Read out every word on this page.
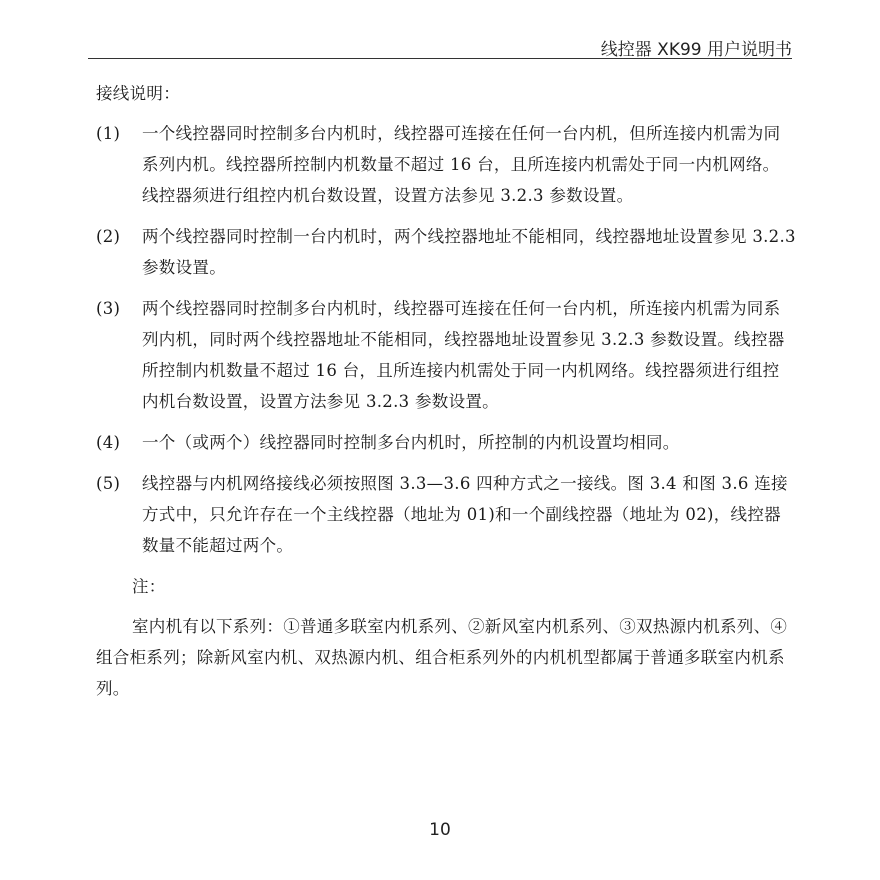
线控器 XK99 用户说明书

接线说明：

(1)	一个线控器同时控制多台内机时，线控器可连接在任何一台内机，但所连接内机需为同系列内机。线控器所控制内机数量不超过 16 台，且所连接内机需处于同一内机网络。线控器须进行组控内机台数设置，设置方法参见 3.2.3 参数设置。
(2)	两个线控器同时控制一台内机时，两个线控器地址不能相同，线控器地址设置参见 3.2.3 参数设置。
(3)	两个线控器同时控制多台内机时，线控器可连接在任何一台内机，所连接内机需为同系列内机，同时两个线控器地址不能相同，线控器地址设置参见 3.2.3 参数设置。线控器所控制内机数量不超过 16 台，且所连接内机需处于同一内机网络。线控器须进行组控内机台数设置，设置方法参见 3.2.3 参数设置。
(4)	一个（或两个）线控器同时控制多台内机时，所控制的内机设置均相同。
(5)	线控器与内机网络接线必须按照图 3.3—3.6 四种方式之一接线。图 3.4 和图 3.6 连接方式中，只允许存在一个主线控器（地址为 01)和一个副线控器（地址为 02)，线控器数量不能超过两个。

注：

室内机有以下系列：①普通多联室内机系列、②新风室内机系列、③双热源内机系列、④组合柜系列；除新风室内机、双热源内机、组合柜系列外的内机机型都属于普通多联室内机系列。

10
